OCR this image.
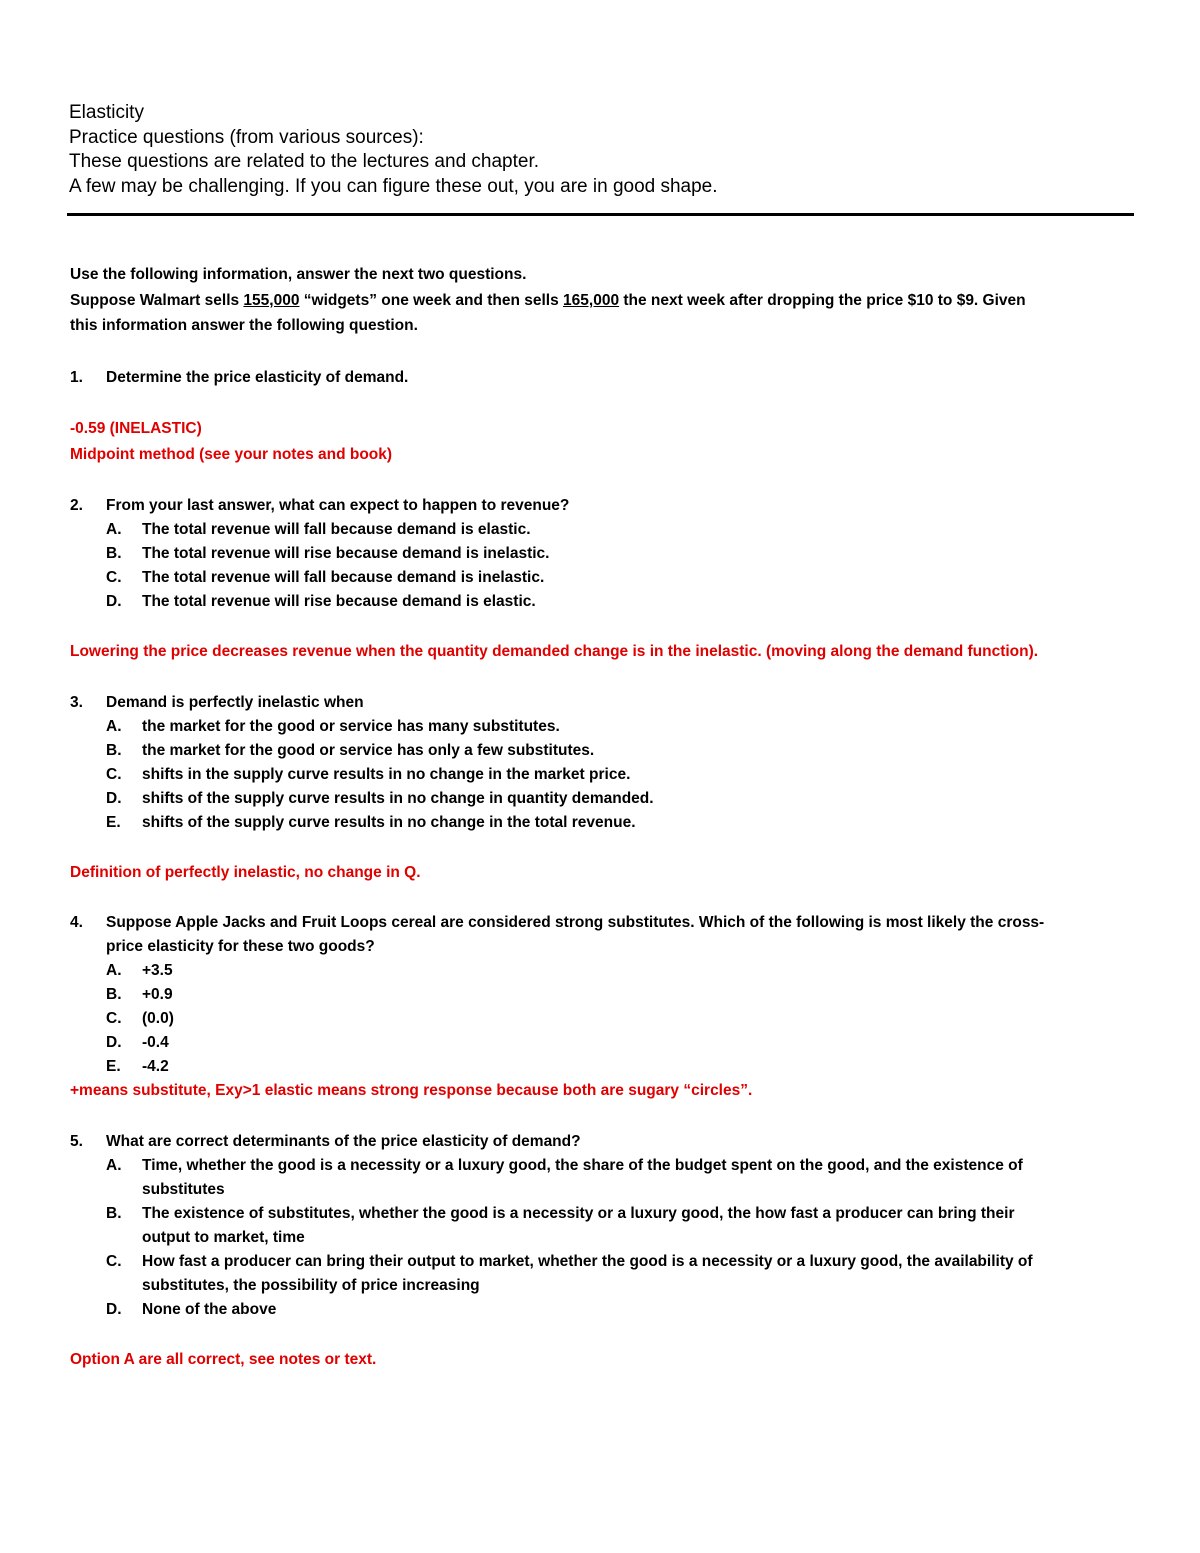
Elasticity
Practice questions (from various sources):
These questions are related to the lectures and chapter.
A few may be challenging. If you can figure these out, you are in good shape.
Use the following information, answer the next two questions.
Suppose Walmart sells 155,000 “widgets” one week and then sells 165,000 the next week after dropping the price $10 to $9. Given
this information answer the following question.
1. Determine the price elasticity of demand.
-0.59 (INELASTIC)
Midpoint method (see your notes and book)
2. From your last answer, what can expect to happen to revenue?
A. The total revenue will fall because demand is elastic.
B. The total revenue will rise because demand is inelastic.
C. The total revenue will fall because demand is inelastic.
D. The total revenue will rise because demand is elastic.
Lowering the price decreases revenue when the quantity demanded change is in the inelastic. (moving along the demand function).
3. Demand is perfectly inelastic when
A. the market for the good or service has many substitutes.
B. the market for the good or service has only a few substitutes.
C. shifts in the supply curve results in no change in the market price.
D. shifts of the supply curve results in no change in quantity demanded.
E. shifts of the supply curve results in no change in the total revenue.
Definition of perfectly inelastic, no change in Q.
4. Suppose Apple Jacks and Fruit Loops cereal are considered strong substitutes. Which of the following is most likely the cross-
price elasticity for these two goods?
A. +3.5
B. +0.9
C. (0.0)
D. -0.4
E. -4.2
+means substitute, Exy>1 elastic means strong response because both are sugary “circles”.
5. What are correct determinants of the price elasticity of demand?
A. Time, whether the good is a necessity or a luxury good, the share of the budget spent on the good, and the existence of
substitutes
B. The existence of substitutes, whether the good is a necessity or a luxury good, the how fast a producer can bring their
output to market, time
C. How fast a producer can bring their output to market, whether the good is a necessity or a luxury good, the availability of
substitutes, the possibility of price increasing
D. None of the above
Option A are all correct, see notes or text.
